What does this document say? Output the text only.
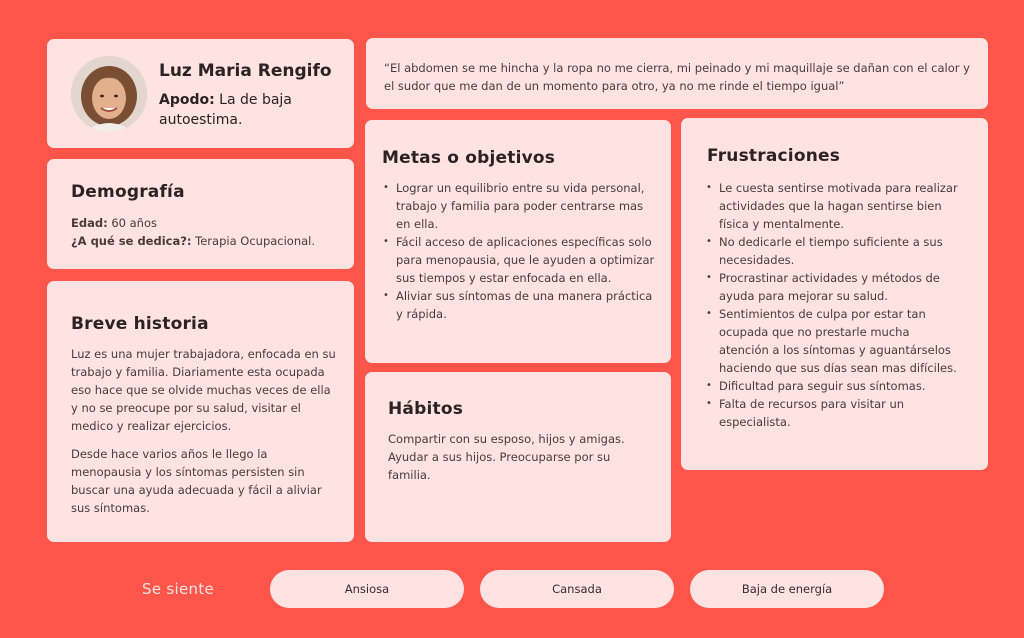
Luz Maria Rengifo
Apodo: La de baja autoestima.

“El abdomen se me hincha y la ropa no me cierra, mi peinado y mi maquillaje se dañan con el calor y el sudor que me dan de un momento para otro, ya no me rinde el tiempo igual”

Demografía
Edad: 60 años
¿A qué se dedica?: Terapia Ocupacional.
Breve historia

Luz es una mujer trabajadora, enfocada en su trabajo y familia. Diariamente esta ocupada eso hace que se olvide muchas veces de ella y no se preocupe por su salud, visitar el medico y realizar ejercicios.

Desde hace varios años le llego la menopausia y los síntomas persisten sin buscar una ayuda adecuada y fácil a aliviar sus síntomas.

Metas o objetivos
• Lograr un equilibrio entre su vida personal, trabajo y familia para poder centrarse mas en ella.
• Fácil acceso de aplicaciones específicas solo para menopausia, que le ayuden a optimizar sus tiempos y estar enfocada en ella.
• Aliviar sus síntomas de una manera práctica y rápida.
Hábitos

Compartir con su esposo, hijos y amigas. Ayudar a sus hijos. Preocuparse por su familia.

Frustraciones
• Le cuesta sentirse motivada para realizar actividades que la hagan sentirse bien física y mentalmente.
• No dedicarle el tiempo suficiente a sus necesidades.
• Procrastinar actividades y métodos de ayuda para mejorar su salud.
• Sentimientos de culpa por estar tan ocupada que no prestarle mucha atención a los síntomas y aguantárselos haciendo que sus días sean mas difíciles.
• Dificultad para seguir sus síntomas.
• Falta de recursos para visitar un especialista.
Se siente	Ansiosa	Cansada	Baja de energía
